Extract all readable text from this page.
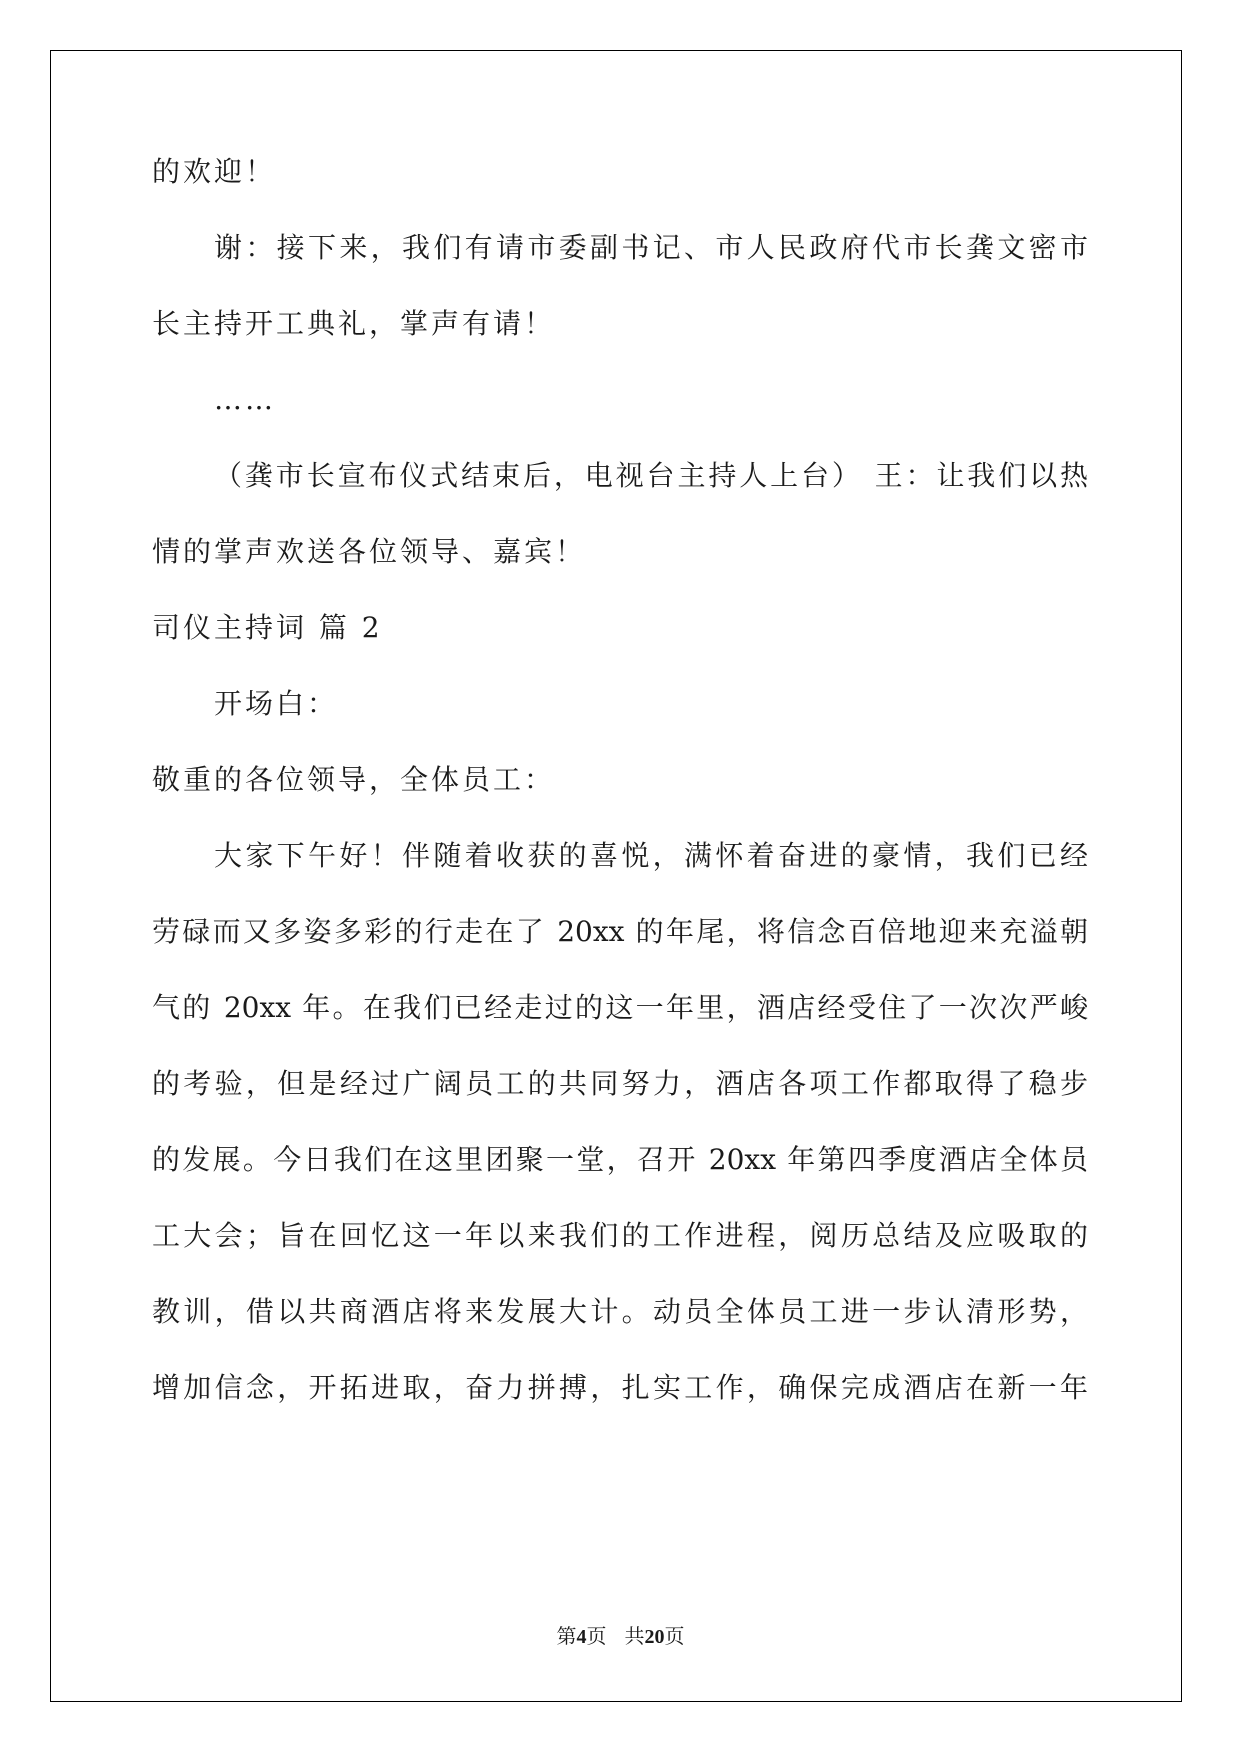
的欢迎！
谢：接下来，我们有请市委副书记、市人民政府代市长龚文密市
长主持开工典礼，掌声有请！
……
（龚市长宣布仪式结束后，电视台主持人上台） 王：让我们以热
情的掌声欢送各位领导、嘉宾！
司仪主持词 篇 2
开场白：
敬重的各位领导，全体员工：
大家下午好！伴随着收获的喜悦，满怀着奋进的豪情，我们已经
劳碌而又多姿多彩的行走在了 20xx 的年尾，将信念百倍地迎来充溢朝
气的 20xx 年。在我们已经走过的这一年里，酒店经受住了一次次严峻
的考验，但是经过广阔员工的共同努力，酒店各项工作都取得了稳步
的发展。今日我们在这里团聚一堂，召开 20xx 年第四季度酒店全体员
工大会；旨在回忆这一年以来我们的工作进程，阅历总结及应吸取的
教训，借以共商酒店将来发展大计。动员全体员工进一步认清形势，
增加信念，开拓进取，奋力拼搏，扎实工作，确保完成酒店在新一年
第4页 共20页
